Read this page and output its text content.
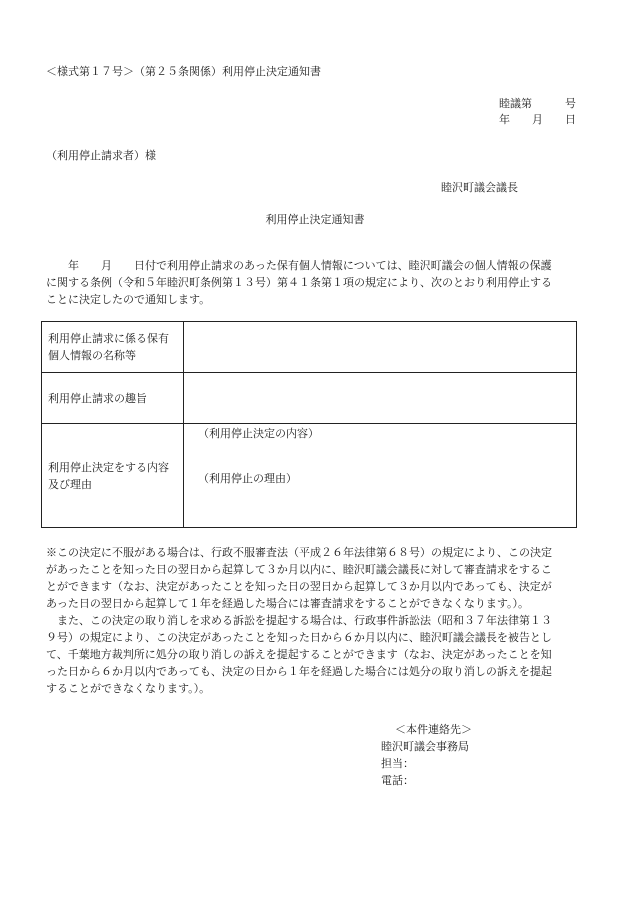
＜様式第１７号＞（第２５条関係）利用停止決定通知書
睦議第　　　号
年　　月　　日
（利用停止請求者）様
睦沢町議会議長
利用停止決定通知書
　　年　　月　　日付で利用停止請求のあった保有個人情報については、睦沢町議会の個人情報の保護
に関する条例（令和５年睦沢町条例第１３号）第４１条第１項の規定により、次のとおり利用停止する
ことに決定したので通知します。
利用停止請求に係る保有
個人情報の名称等	
利用停止請求の趣旨	
利用停止決定をする内容
及び理由	（利用停止決定の内容）
（利用停止の理由）
※この決定に不服がある場合は、行政不服審査法（平成２６年法律第６８号）の規定により、この決定
があったことを知った日の翌日から起算して３か月以内に、睦沢町議会議長に対して審査請求をするこ
とができます（なお、決定があったことを知った日の翌日から起算して３か月以内であっても、決定が
あった日の翌日から起算して１年を経過した場合には審査請求をすることができなくなります。）。
　また、この決定の取り消しを求める訴訟を提起する場合は、行政事件訴訟法（昭和３７年法律第１３
９号）の規定により、この決定があったことを知った日から６か月以内に、睦沢町議会議長を被告とし
て、千葉地方裁判所に処分の取り消しの訴えを提起することができます（なお、決定があったことを知
った日から６か月以内であっても、決定の日から１年を経過した場合には処分の取り消しの訴えを提起
することができなくなります。）。
＜本件連絡先＞
睦沢町議会事務局
担当：
電話：
